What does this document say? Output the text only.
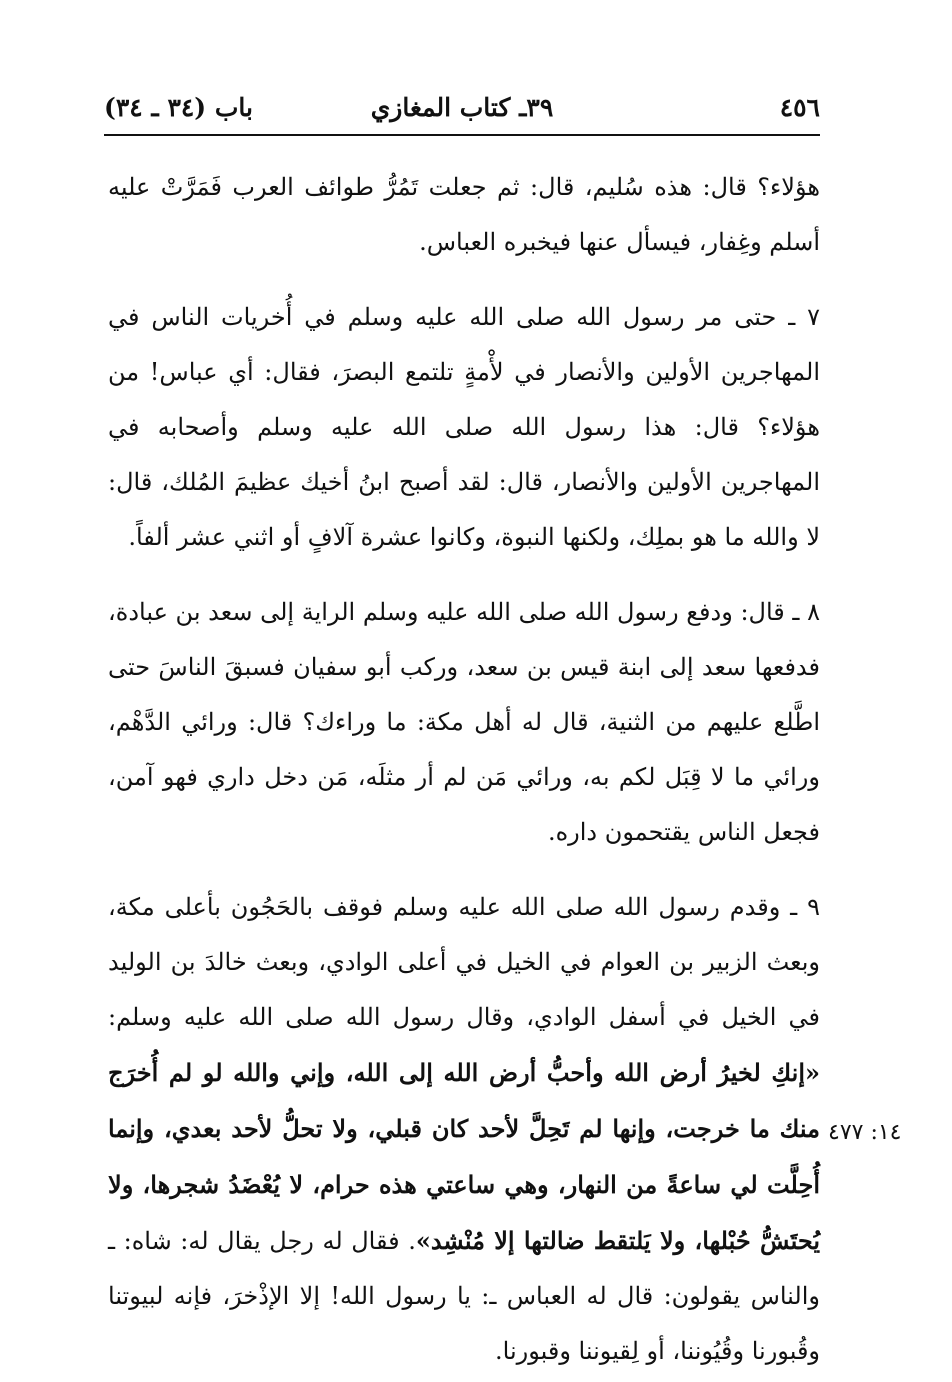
٤٥٦
٣٩ـ كتاب المغازي
باب (٣٤ ـ ٣٤)

هؤلاء؟ قال: هذه سُليم، قال: ثم جعلت تَمُرُّ طوائف العرب فَمَرَّتْ عليه أسلم وغِفار، فيسأل عنها فيخبره العباس.

٧ ـ حتى مر رسول الله صلى الله عليه وسلم في أُخريات الناس في المهاجرين الأولين والأنصار في لأْمةٍ تلتمع البصرَ، فقال: أي عباس! من هؤلاء؟ قال: هذا رسول الله صلى الله عليه وسلم وأصحابه في المهاجرين الأولين والأنصار، قال: لقد أصبح ابنُ أخيك عظيمَ المُلك، قال: لا والله ما هو بملِك، ولكنها النبوة، وكانوا عشرة آلافٍ أو اثني عشر ألفاً.

٨ ـ قال: ودفع رسول الله صلى الله عليه وسلم الراية إلى سعد بن عبادة، فدفعها سعد إلى ابنة قيس بن سعد، وركب أبو سفيان فسبقَ الناسَ حتى اطَّلع عليهم من الثنية، قال له أهل مكة: ما وراءك؟ قال: ورائي الدَّهْم، ورائي ما لا قِبَل لكم به، ورائي مَن لم أر مثلَه، مَن دخل داري فهو آمن، فجعل الناس يقتحمون داره.

٩ ـ وقدم رسول الله صلى الله عليه وسلم فوقف بالحَجُون بأعلى مكة، وبعث الزبير بن العوام في الخيل في أعلى الوادي، وبعث خالدَ بن الوليد في الخيل في أسفل الوادي، وقال رسول الله صلى الله عليه وسلم: «إنكِ لخيرُ أرض الله وأحبُّ أرض الله إلى الله، وإني والله لو لم أُخرَج منك ما خرجت، وإنها لم تَحِلَّ لأحد كان قبلي، ولا تحلُّ لأحد بعدي، وإنما أُحِلَّت لي ساعةً من النهار، وهي ساعتي هذه حرام، لا يُعْضَدُ شجرها، ولا يُحتَشُّ حُبْلها، ولا يَلتقط ضالتها إلا مُنْشِد». فقال له رجل يقال له: شاه: ـ والناس يقولون: قال له العباس ـ: يا رسول الله! إلا الإذْخرَ، فإنه لبيوتنا وقُبورنا وقُيُوننا، أو لِقيوننا وقبورنا.

١٤: ٤٧٧
